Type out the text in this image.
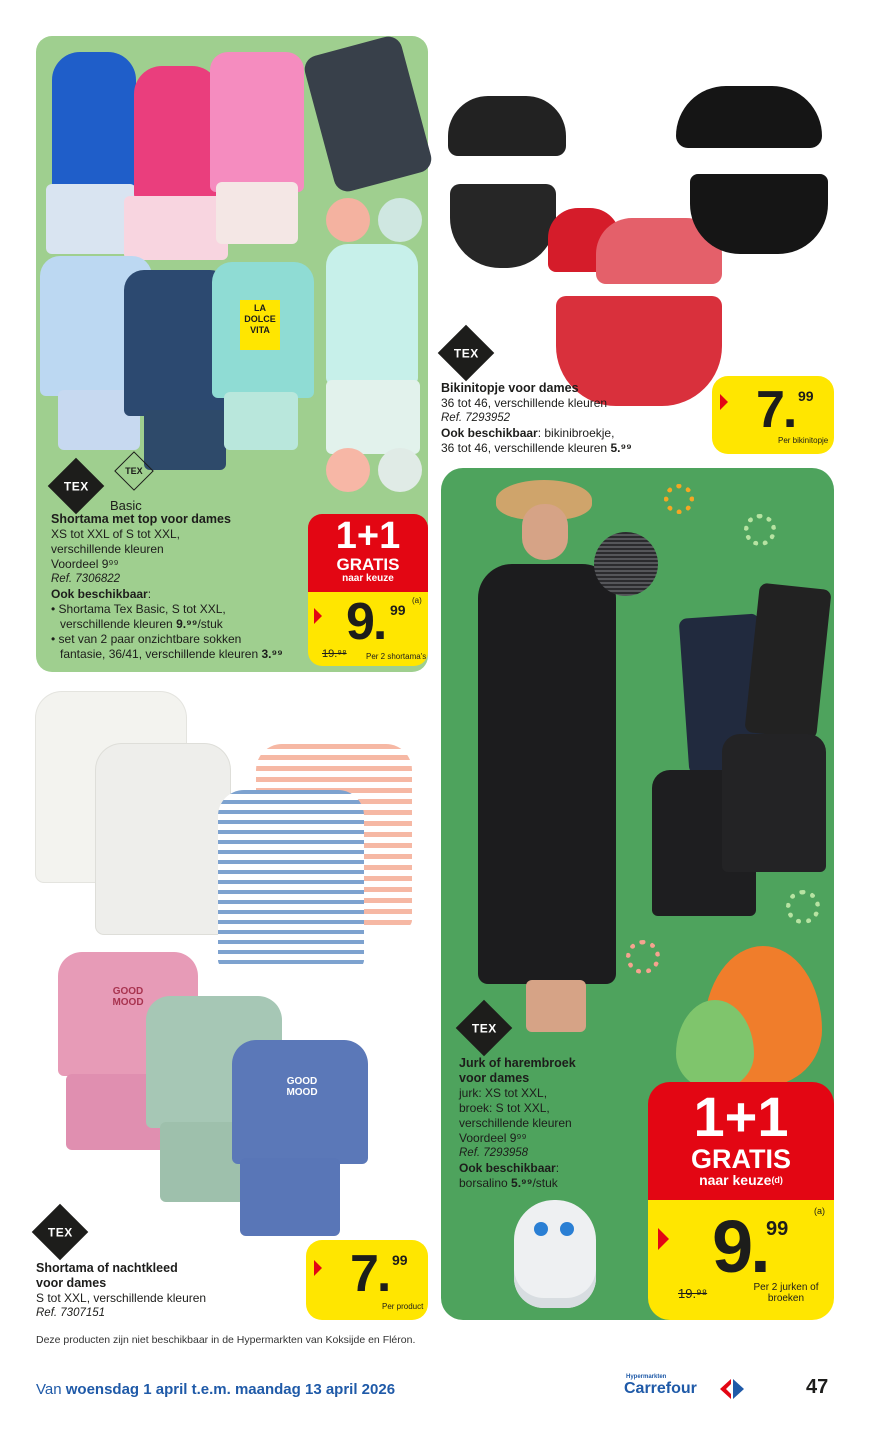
LA DOLCE VITA
TEX
TEX
Basic
Shortama met top voor dames
XS tot XXL of S tot XXL,
verschillende kleuren
Voordeel 9⁹⁹
Ref. 7306822
Ook beschikbaar:
• Shortama Tex Basic, S tot XXL,
verschillende kleuren 9.⁹⁹/stuk
• set van 2 paar onzichtbare sokken
fantasie, 36/41, verschillende kleuren 3.⁹⁹
1+1
GRATIS
naar keuze
9. 99
(a)
19.⁹⁸ Per 2 shortama's
TEX
Bikinitopje voor dames
36 tot 46, verschillende kleuren
Ref. 7293952
Ook beschikbaar: bikinibroekje,
36 tot 46, verschillende kleuren 5.⁹⁹
7. 99
Per bikinitopje
GOOD MOOD
GOOD MOOD
TEX
Shortama of nachtkleed
voor dames
S tot XXL, verschillende kleuren
Ref. 7307151
7. 99
Per product
TEX
Jurk of harembroek
voor dames
jurk: XS tot XXL,
broek: S tot XXL,
verschillende kleuren
Voordeel 9⁹⁹
Ref. 7293958
Ook beschikbaar:
borsalino 5.⁹⁹/stuk
1+1
GRATIS
naar keuze$^{(d)}$
9.
99
(a)
19.⁹⁸	Per 2 jurken of
broeken
Deze producten zijn niet beschikbaar in de Hypermarkten van Koksijde en Fléron.
Van woensdag 1 april t.e.m. maandag 13 april 2026
Hypermarkten
Carrefour	47
